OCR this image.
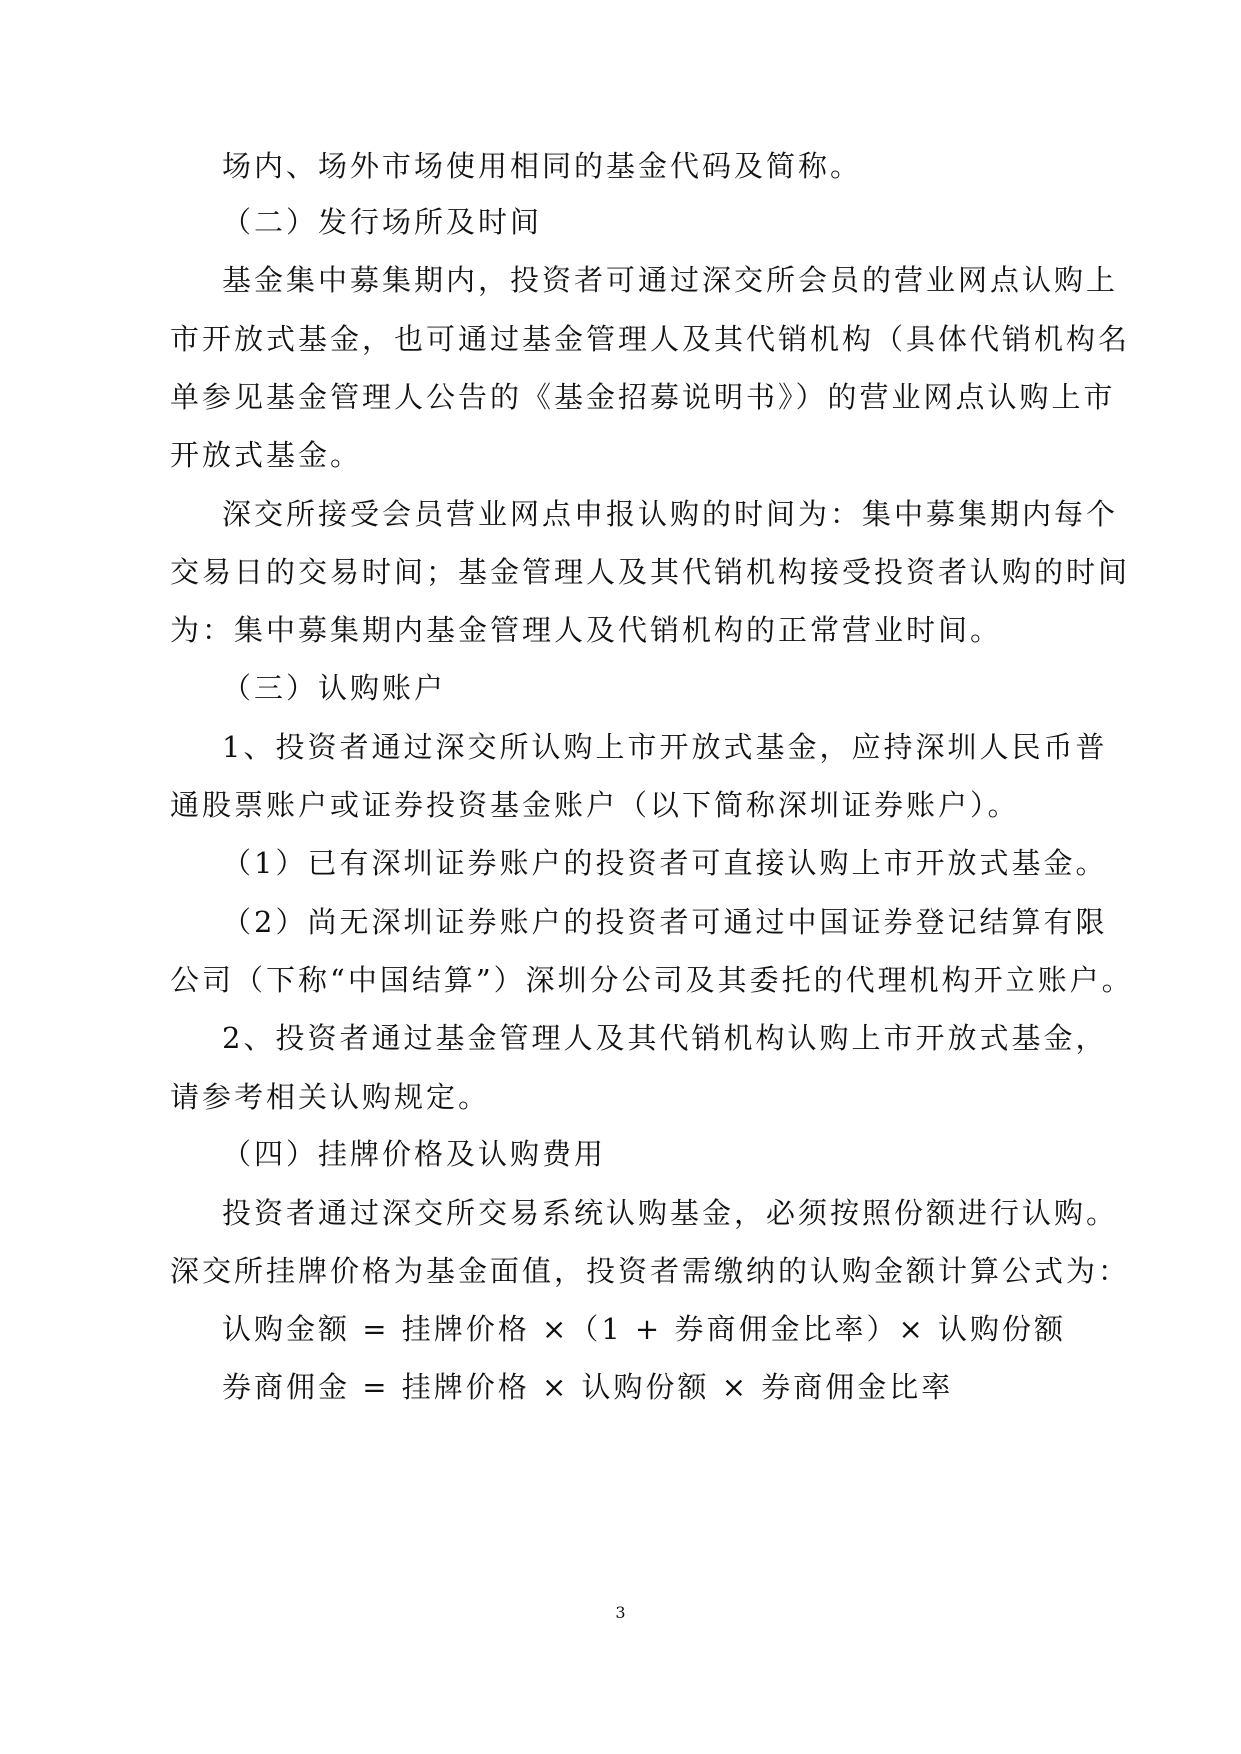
场内、场外市场使用相同的基金代码及简称。
（二）发行场所及时间
基金集中募集期内，投资者可通过深交所会员的营业网点认购上
市开放式基金，也可通过基金管理人及其代销机构（具体代销机构名
单参见基金管理人公告的《基金招募说明书》）的营业网点认购上市
开放式基金。
深交所接受会员营业网点申报认购的时间为：集中募集期内每个
交易日的交易时间；基金管理人及其代销机构接受投资者认购的时间
为：集中募集期内基金管理人及代销机构的正常营业时间。
（三）认购账户
1、投资者通过深交所认购上市开放式基金，应持深圳人民币普
通股票账户或证券投资基金账户（以下简称深圳证券账户）。
（1）已有深圳证券账户的投资者可直接认购上市开放式基金。
（2）尚无深圳证券账户的投资者可通过中国证券登记结算有限
公司（下称“中国结算”）深圳分公司及其委托的代理机构开立账户。
2、投资者通过基金管理人及其代销机构认购上市开放式基金，
请参考相关认购规定。
（四）挂牌价格及认购费用
投资者通过深交所交易系统认购基金，必须按照份额进行认购。
深交所挂牌价格为基金面值，投资者需缴纳的认购金额计算公式为：
认购金额 = 挂牌价格 ×（1 + 券商佣金比率）× 认购份额
券商佣金 = 挂牌价格 × 认购份额 × 券商佣金比率
3
